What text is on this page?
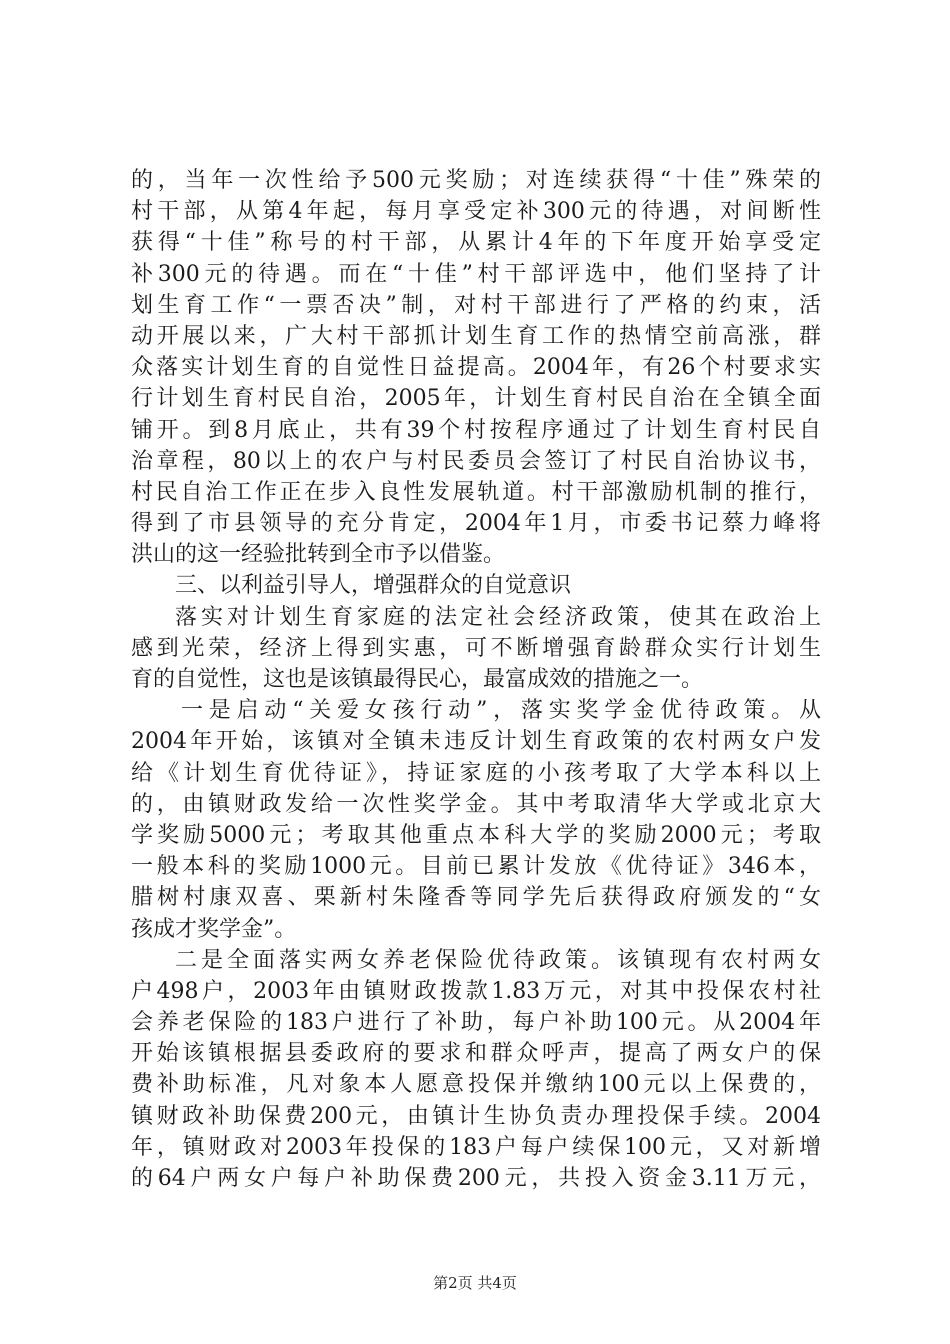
的，当年一次性给予500元奖励；对连续获得“十佳”殊荣的
村干部，从第4年起，每月享受定补300元的待遇，对间断性
获得“十佳”称号的村干部，从累计4年的下年度开始享受定
补300元的待遇。而在“十佳”村干部评选中，他们坚持了计
划生育工作“一票否决”制，对村干部进行了严格的约束，活
动开展以来，广大村干部抓计划生育工作的热情空前高涨，群
众落实计划生育的自觉性日益提高。2004年，有26个村要求实
行计划生育村民自治，2005年，计划生育村民自治在全镇全面
铺开。到8月底止，共有39个村按程序通过了计划生育村民自
治章程，80以上的农户与村民委员会签订了村民自治协议书，
村民自治工作正在步入良性发展轨道。村干部激励机制的推行，
得到了市县领导的充分肯定，2004年1月，市委书记蔡力峰将
洪山的这一经验批转到全市予以借鉴。
三、以利益引导人，增强群众的自觉意识
落实对计划生育家庭的法定社会经济政策，使其在政治上
感到光荣，经济上得到实惠，可不断增强育龄群众实行计划生
育的自觉性，这也是该镇最得民心，最富成效的措施之一。
一是启动“关爱女孩行动”，落实奖学金优待政策。从
2004年开始，该镇对全镇未违反计划生育政策的农村两女户发
给《计划生育优待证》，持证家庭的小孩考取了大学本科以上
的，由镇财政发给一次性奖学金。其中考取清华大学或北京大
学奖励5000元；考取其他重点本科大学的奖励2000元；考取
一般本科的奖励1000元。目前已累计发放《优待证》346本，
腊树村康双喜、栗新村朱隆香等同学先后获得政府颁发的“女
孩成才奖学金”。
二是全面落实两女养老保险优待政策。该镇现有农村两女
户498户，2003年由镇财政拨款1.83万元，对其中投保农村社
会养老保险的183户进行了补助，每户补助100元。从2004年
开始该镇根据县委政府的要求和群众呼声，提高了两女户的保
费补助标准，凡对象本人愿意投保并缴纳100元以上保费的，
镇财政补助保费200元，由镇计生协负责办理投保手续。2004
年，镇财政对2003年投保的183户每户续保100元，又对新增
的64户两女户每户补助保费200元，共投入资金3.11万元，
第2页 共4页
